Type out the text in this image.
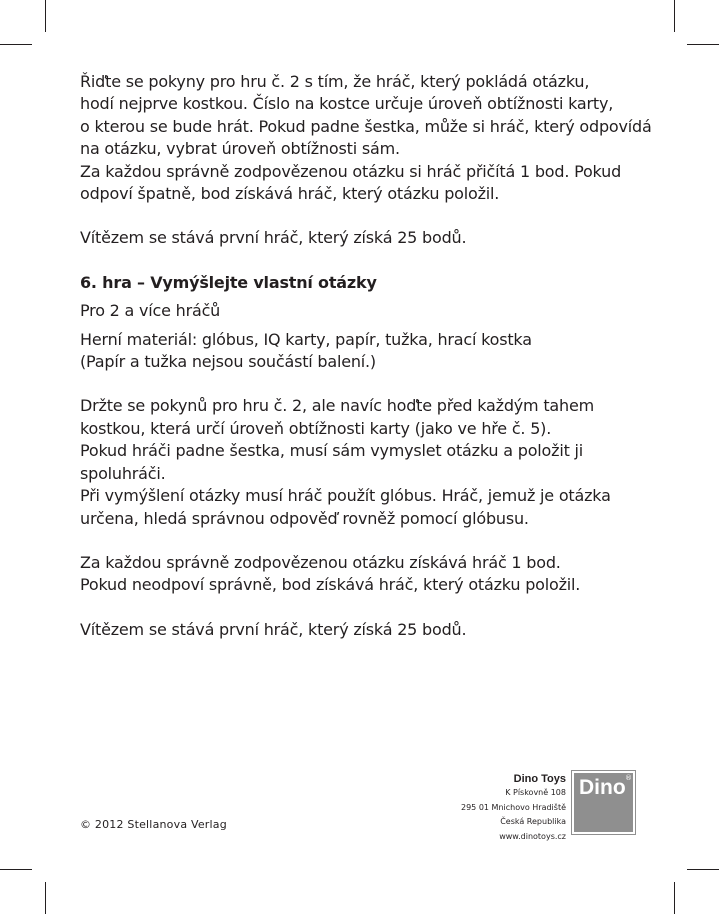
Řiďte se pokyny pro hru č. 2 s tím, že hráč, který pokládá otázku,

hodí nejprve kostkou. Číslo na kostce určuje úroveň obtížnosti karty,

o kterou se bude hrát. Pokud padne šestka, může si hráč, který odpovídá

na otázku, vybrat úroveň obtížnosti sám.

Za každou správně zodpovězenou otázku si hráč přičítá 1 bod. Pokud

odpoví špatně, bod získává hráč, který otázku položil.

Vítězem se stává první hráč, který získá 25 bodů.

6. hra – Vymýšlejte vlastní otázky

Pro 2 a více hráčů

Herní materiál: glóbus, IQ karty, papír, tužka, hrací kostka

(Papír a tužka nejsou součástí balení.)

Držte se pokynů pro hru č. 2, ale navíc hoďte před každým tahem

kostkou, která určí úroveň obtížnosti karty (jako ve hře č. 5).

Pokud hráči padne šestka, musí sám vymyslet otázku a položit ji

spoluhráči.

Při vymýšlení otázky musí hráč použít glóbus. Hráč, jemuž je otázka

určena, hledá správnou odpověď rovněž pomocí glóbusu.

Za každou správně zodpovězenou otázku získává hráč 1 bod.

Pokud neodpoví správně, bod získává hráč, který otázku položil.

Vítězem se stává první hráč, který získá 25 bodů.

© 2012 Stellanova Verlag
Dino Toys
K Pískovně 108
295 01 Mnichovo Hradiště
Česká Republika
www.dinotoys.cz
Dino ®
